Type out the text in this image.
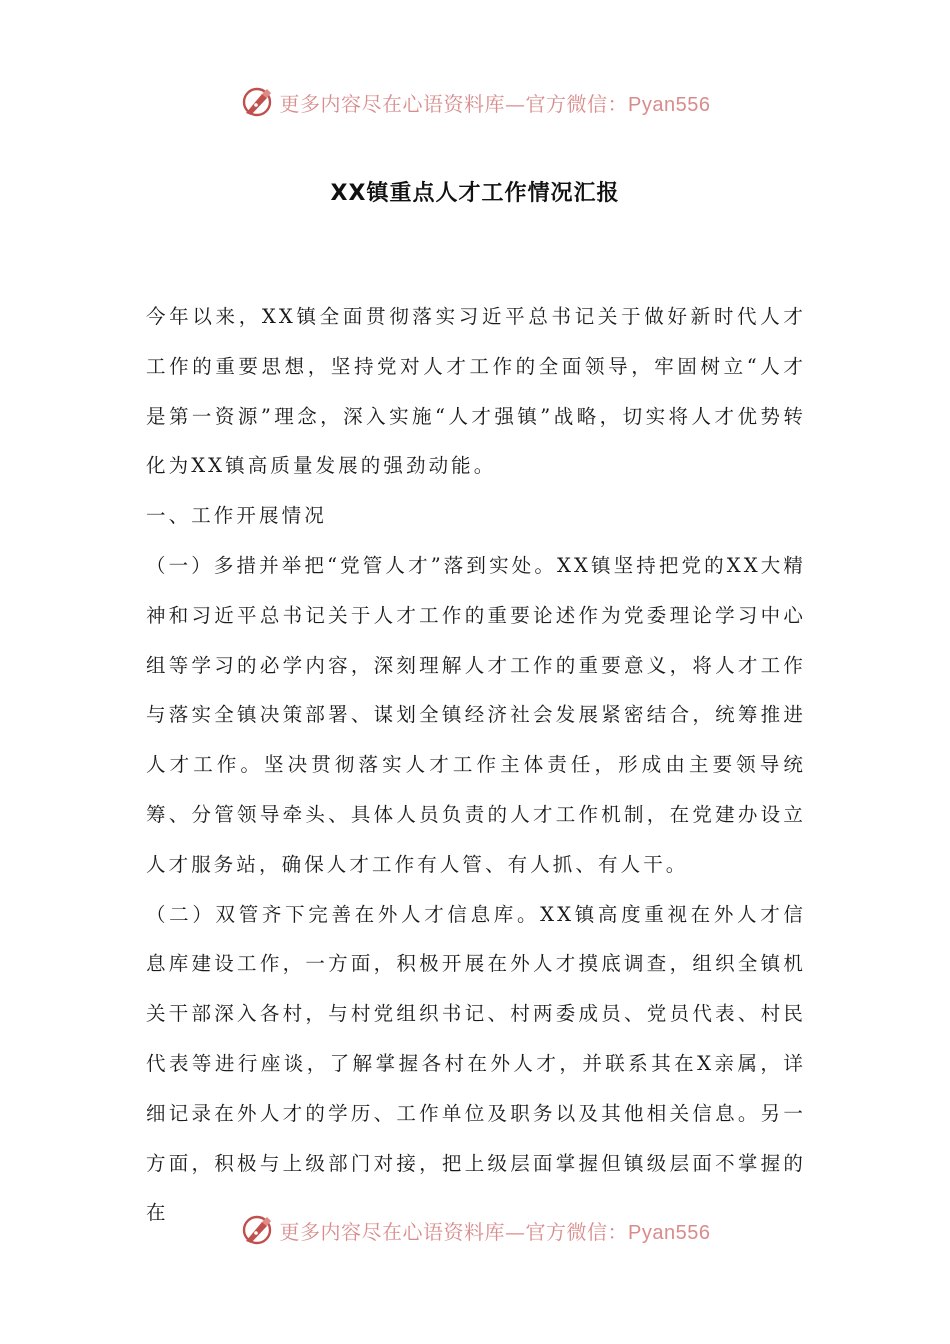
更多内容尽在心语资料库—官方微信：Pyan556
XX镇重点人才工作情况汇报

今年以来，XX镇全面贯彻落实习近平总书记关于做好新时代人才工作的重要思想，坚持党对人才工作的全面领导，牢固树立“人才是第一资源”理念，深入实施“人才强镇”战略，切实将人才优势转化为XX镇高质量发展的强劲动能。

一、工作开展情况

（一）多措并举把“党管人才”落到实处。XX镇坚持把党的XX大精神和习近平总书记关于人才工作的重要论述作为党委理论学习中心组等学习的必学内容，深刻理解人才工作的重要意义，将人才工作与落实全镇决策部署、谋划全镇经济社会发展紧密结合，统筹推进人才工作。坚决贯彻落实人才工作主体责任，形成由主要领导统筹、分管领导牵头、具体人员负责的人才工作机制，在党建办设立人才服务站，确保人才工作有人管、有人抓、有人干。

（二）双管齐下完善在外人才信息库。XX镇高度重视在外人才信息库建设工作，一方面，积极开展在外人才摸底调查，组织全镇机关干部深入各村，与村党组织书记、村两委成员、党员代表、村民代表等进行座谈，了解掌握各村在外人才，并联系其在X亲属，详细记录在外人才的学历、工作单位及职务以及其他相关信息。另一方面，积极与上级部门对接，把上级层面掌握但镇级层面不掌握的在

更多内容尽在心语资料库—官方微信：Pyan556
